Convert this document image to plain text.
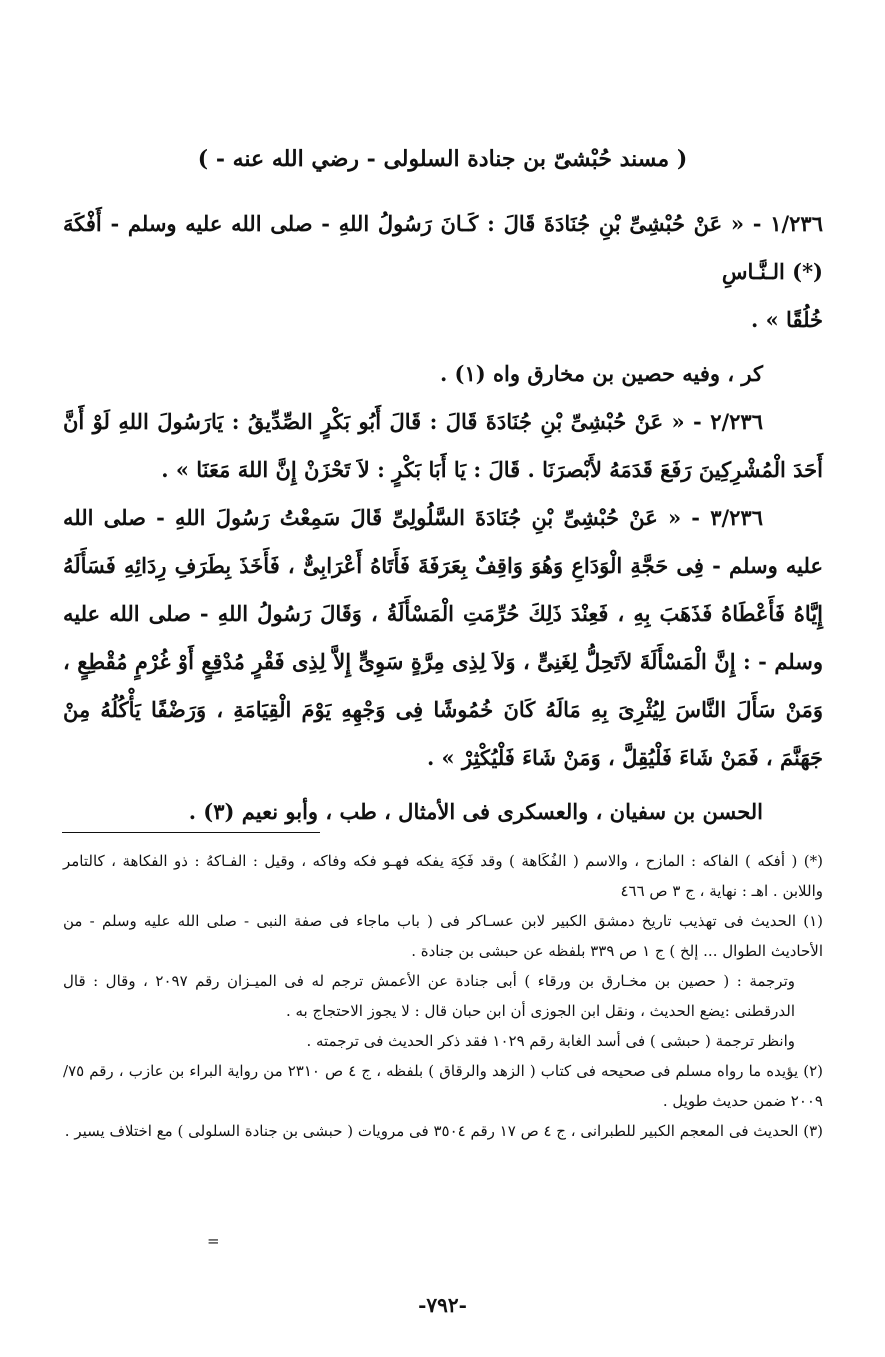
( مسند حُبْشىّ بن جنادة السلولى - رضي الله عنه - )

١/٢٣٦ - « عَنْ حُبْشِىِّ بْنِ جُنَادَةَ قَالَ : كَـانَ رَسُولُ اللهِ - صلى الله عليه وسلم - أَفْكَهَ (*) الـنَّـاسِ

خُلُقًا » .

كر ، وفيه حصين بن مخارق واه (١) .

٢/٢٣٦ - « عَنْ حُبْشِىِّ بْنِ جُنَادَةَ قَالَ : قَالَ أَبُو بَكْرٍ الصِّدِّيقُ : يَارَسُولَ اللهِ لَوْ أَنَّ أَحَدَ الْمُشْرِكِينَ رَفَعَ قَدَمَهُ لأَبْصرَنَا . قَالَ : يَا أَبَا بَكْرٍ : لاَ تَحْزَنْ إِنَّ اللهَ مَعَنَا » .

٣/٢٣٦ - « عَنْ حُبْشِىِّ بْنِ جُنَادَةَ السَّلُولِىِّ قَالَ سَمِعْتُ رَسُولَ اللهِ - صلى الله عليه وسلم - فِى حَجَّةِ الْوَدَاعِ وَهُوَ وَاقِفٌ بِعَرَفَةَ فَأَتَاهُ أَعْرَابِىٌّ ، فَأَخَذَ بِطَرَفِ رِدَائِهِ فَسَأَلَهُ إِيَّاهُ فَأَعْطَاهُ فَذَهَبَ بِهِ ، فَعِنْدَ ذَلِكَ حُرِّمَتِ الْمَسْأَلَةُ ، وَقَالَ رَسُولُ اللهِ - صلى الله عليه وسلم - : إِنَّ الْمَسْأَلَةَ لاَتَحِلُّ لِغَنِىٍّ ، وَلاَ لِذِى مِرَّةٍ سَوِىٍّ إِلاَّ لِذِى فَقْرٍ مُدْقِعٍ أَوْ غُرْمٍ مُقْطِعٍ ، وَمَنْ سَأَلَ النَّاسَ لِيُثْرِىَ بِهِ مَالَهُ كَانَ خُمُوشًا فِى وَجْهِهِ يَوْمَ الْقِيَامَةِ ، وَرَضْفًا يَأْكُلُهُ مِنْ جَهَنَّمَ ، فَمَنْ شَاءَ فَلْيُقِلَّ ، وَمَنْ شَاءَ فَلْيُكْثِرْ » .

الحسن بن سفيان ، والعسكرى فى الأمثال ، طب ، وأبو نعيم (٣) .

(*) ( أفكه ) الفاكه : المازح ، والاسم ( الفُكَاهة ) وقد فَكِهَ يفكه فهـو فكه وفاكه ، وقيل : الفـاكهُ : ذو الفكاهة ، كالتامر واللابن . اهـ : نهاية ، ج ٣ ص ٤٦٦

(١) الحديث فى تهذيب تاريخ دمشق الكبير لابن عسـاكر فى ( باب ماجاء فى صفة النبى - صلى الله عليه وسلم - من الأحاديث الطوال ... إلخ ) ج ١ ص ٣٣٩ بلفظه عن حبشى بن جنادة .

وترجمة : ( حصين بن مخـارق بن ورقاء ) أبى جنادة عن الأعمش ترجم له فى الميـزان رقم ٢٠٩٧ ، وقال : قال الدرقطنى :يضع الحديث ، ونقل ابن الجوزى أن ابن حبان قال : لا يجوز الاحتجاج به .

وانظر ترجمة ( حبشى ) فى أسد الغابة رقم ١٠٢٩ فقد ذكر الحديث فى ترجمته .

(٢) يؤيده ما رواه مسلم فى صحيحه فى كتاب ( الزهد والرقاق ) بلفظه ، ج ٤ ص ٢٣١٠ من رواية البراء بن عازب ، رقم ٧٥/ ٢٠٠٩ ضمن حديث طويل .

(٣) الحديث فى المعجم الكبير للطبرانى ، ج ٤ ص ١٧ رقم ٣٥٠٤ فى مرويات ( حبشى بن جنادة السلولى ) مع اختلاف يسير .

=
-٧٩٢-
